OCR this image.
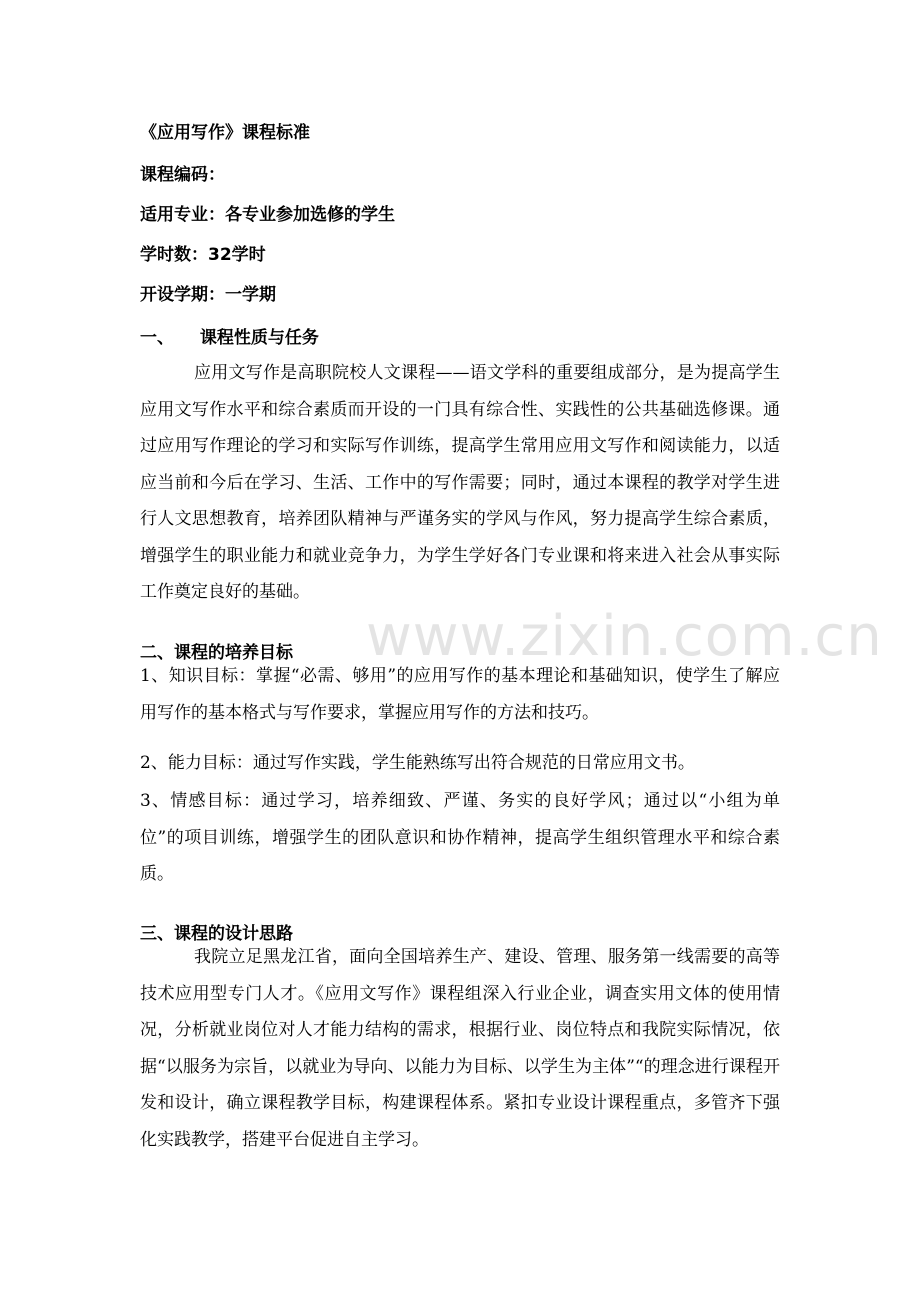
www.zixin.com.cn
《应用写作》课程标准
课程编码：
适用专业：各专业参加选修的学生
学时数：32学时
开设学期：一学期
一、 课程性质与任务
应用文写作是高职院校人文课程——语文学科的重要组成部分，是为提高学生应用文写作水平和综合素质而开设的一门具有综合性、实践性的公共基础选修课。通过应用写作理论的学习和实际写作训练，提高学生常用应用文写作和阅读能力，以适应当前和今后在学习、生活、工作中的写作需要；同时，通过本课程的教学对学生进行人文思想教育，培养团队精神与严谨务实的学风与作风，努力提高学生综合素质，增强学生的职业能力和就业竞争力，为学生学好各门专业课和将来进入社会从事实际工作奠定良好的基础。
二、课程的培养目标
1、知识目标：掌握“必需、够用”的应用写作的基本理论和基础知识，使学生了解应用写作的基本格式与写作要求，掌握应用写作的方法和技巧。
2、能力目标：通过写作实践，学生能熟练写出符合规范的日常应用文书。
3、情感目标：通过学习，培养细致、严谨、务实的良好学风；通过以“小组为单位”的项目训练，增强学生的团队意识和协作精神，提高学生组织管理水平和综合素质。
三、课程的设计思路
我院立足黑龙江省，面向全国培养生产、建设、管理、服务第一线需要的高等技术应用型专门人才。《应用文写作》课程组深入行业企业，调查实用文体的使用情况，分析就业岗位对人才能力结构的需求，根据行业、岗位特点和我院实际情况，依据“以服务为宗旨，以就业为导向、以能力为目标、以学生为主体”“的理念进行课程开发和设计，确立课程教学目标，构建课程体系。紧扣专业设计课程重点，多管齐下强化实践教学，搭建平台促进自主学习。
